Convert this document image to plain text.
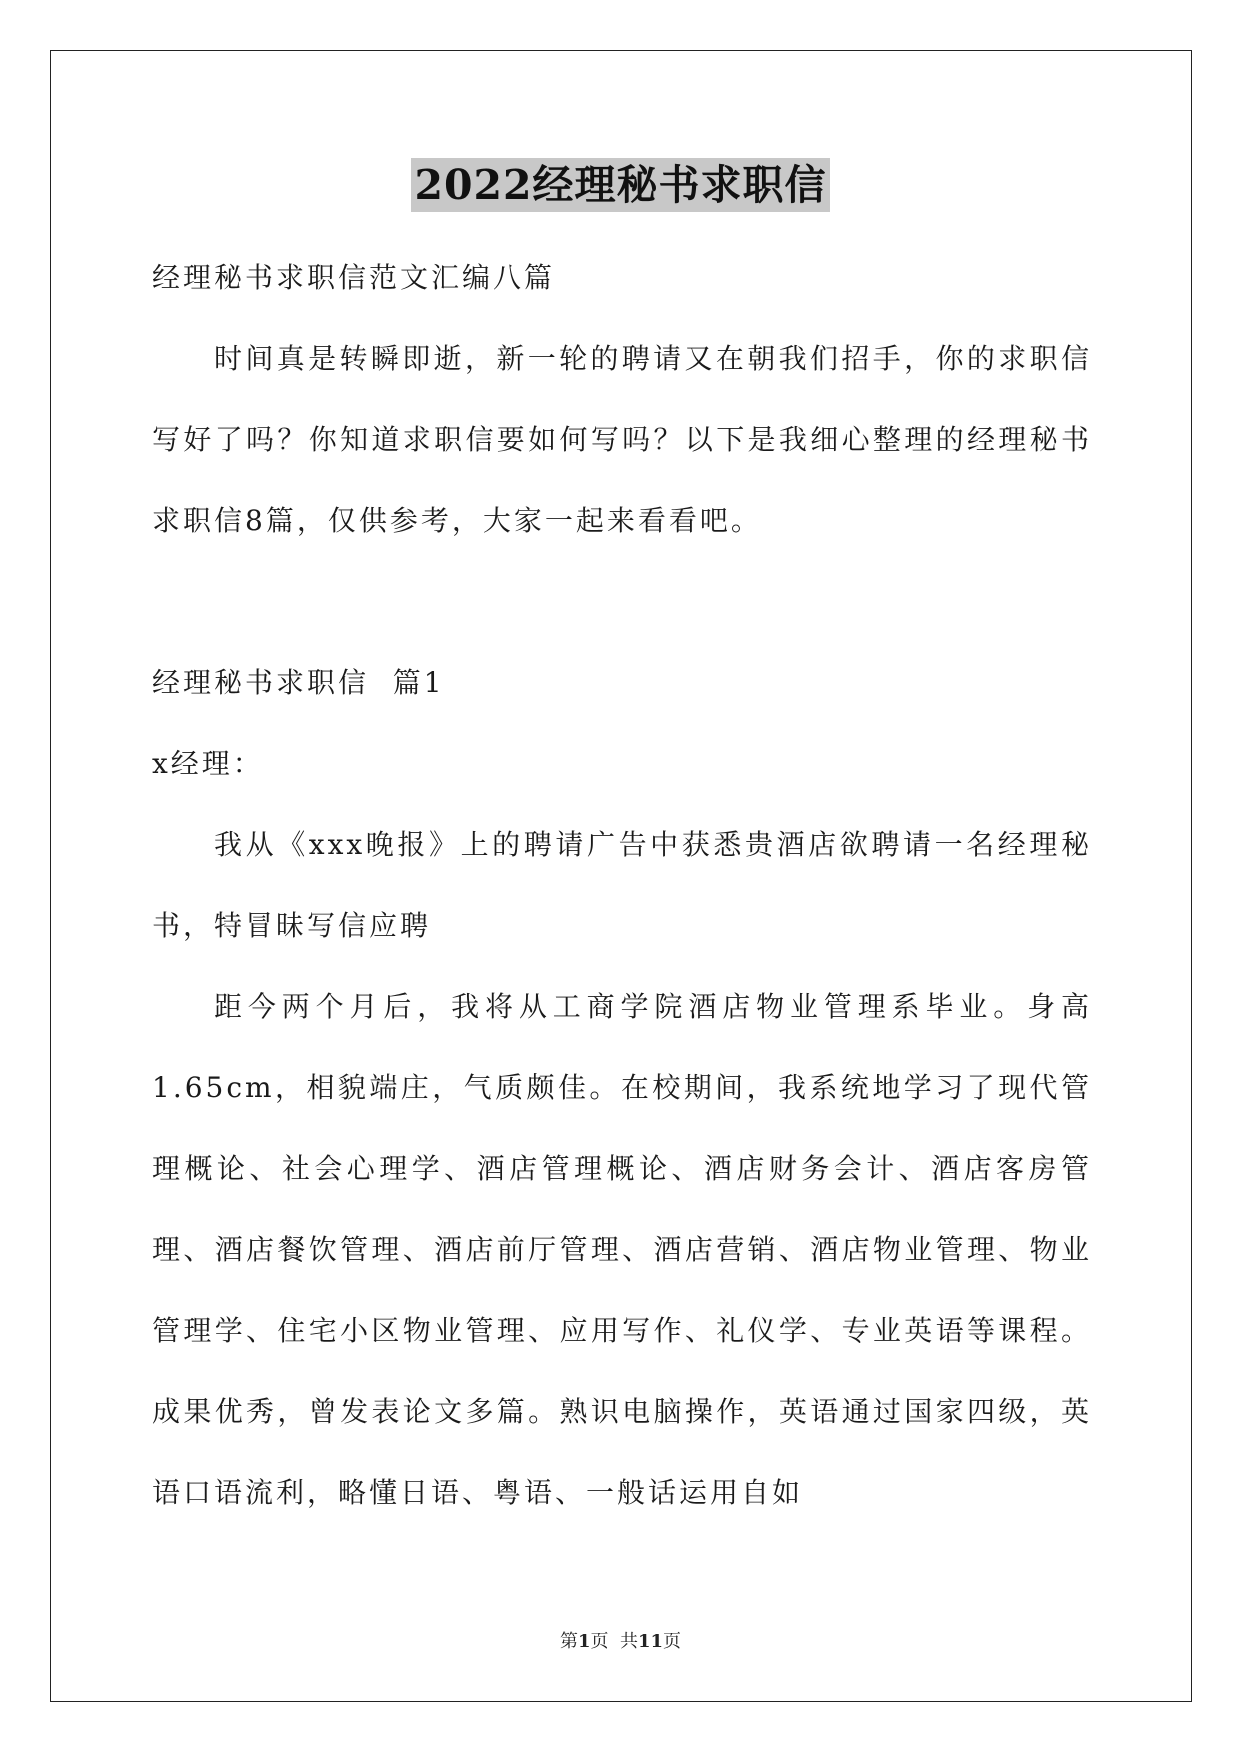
2022经理秘书求职信

经理秘书求职信范文汇编八篇

时间真是转瞬即逝，新一轮的聘请又在朝我们招手，你的求职信写好了吗？你知道求职信要如何写吗？以下是我细心整理的经理秘书求职信8篇，仅供参考，大家一起来看看吧。

经理秘书求职信  篇1

x经理：

我从《xxx晚报》上的聘请广告中获悉贵酒店欲聘请一名经理秘书，特冒昧写信应聘

距今两个月后，我将从工商学院酒店物业管理系毕业。身高1.65cm，相貌端庄，气质颇佳。在校期间，我系统地学习了现代管理概论、社会心理学、酒店管理概论、酒店财务会计、酒店客房管理、酒店餐饮管理、酒店前厅管理、酒店营销、酒店物业管理、物业管理学、住宅小区物业管理、应用写作、礼仪学、专业英语等课程。成果优秀，曾发表论文多篇。熟识电脑操作，英语通过国家四级，英语口语流利，略懂日语、粤语、一般话运用自如

第1页  共11页
